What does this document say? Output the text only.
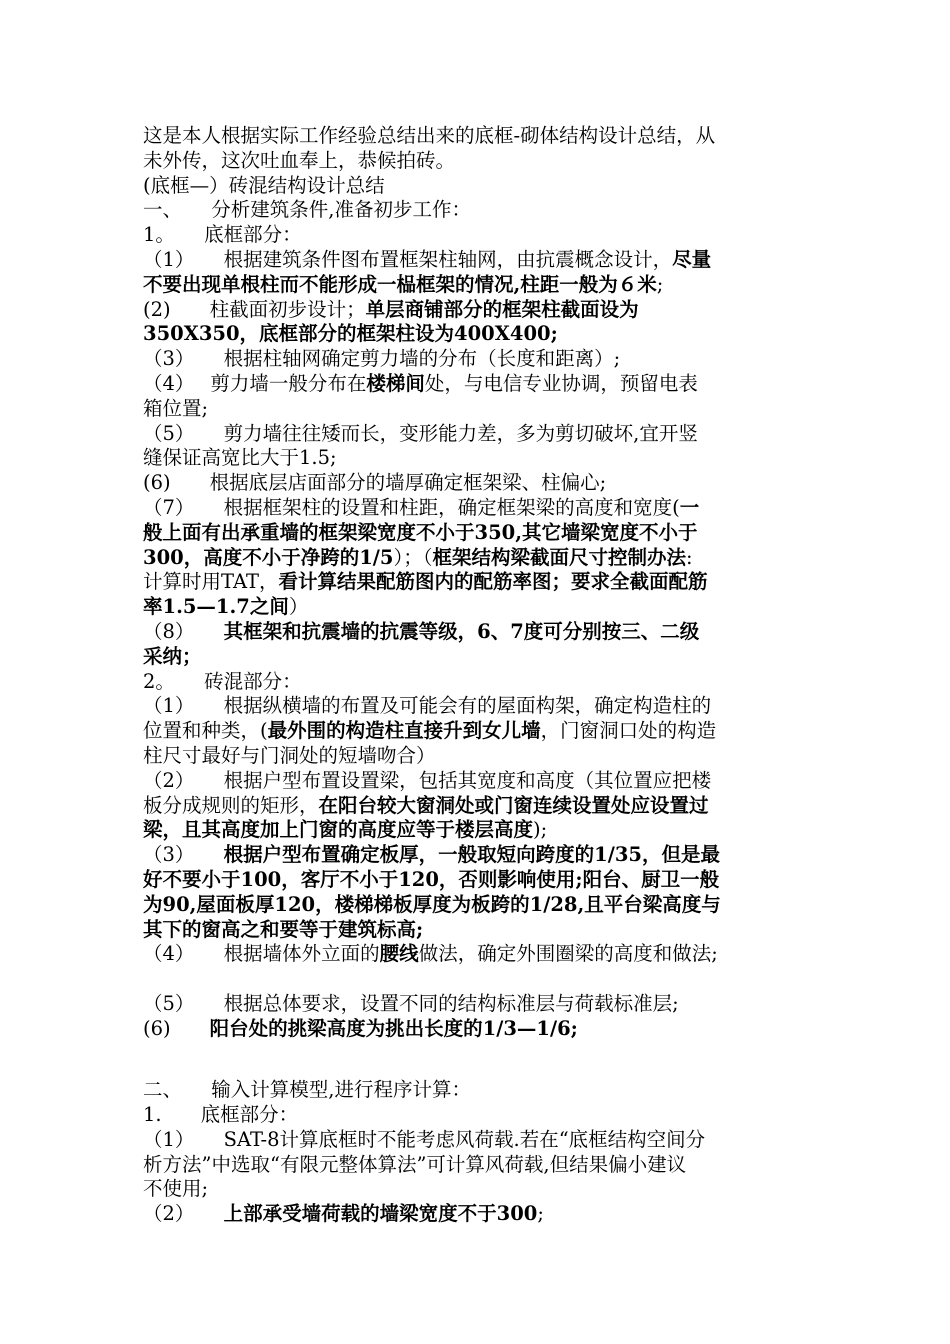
这是本人根据实际工作经验总结出来的底框-砌体结构设计总结，从
未外传，这次吐血奉上，恭候拍砖。
(底框—）砖混结构设计总结
一、　　分析建筑条件,准备初步工作：
1。　　底框部分：
（1）　　根据建筑条件图布置框架柱轴网，由抗震概念设计，尽量
不要出现单根柱而不能形成一榀框架的情况,柱距一般为６米;
(2)　　柱截面初步设计；单层商铺部分的框架柱截面设为
350X350，底框部分的框架柱设为400X400;
（3）　　根据柱轴网确定剪力墙的分布（长度和距离）;
（4）　 剪力墙一般分布在楼梯间处，与电信专业协调，预留电表
箱位置;
（5）　　剪力墙往往矮而长，变形能力差，多为剪切破坏,宜开竖
缝保证高宽比大于1.5;
(6)　　根据底层店面部分的墙厚确定框架梁、柱偏心;
（7）　　根据框架柱的设置和柱距，确定框架梁的高度和宽度(一
般上面有出承重墙的框架梁宽度不小于350,其它墙梁宽度不小于
300，高度不小于净跨的1/5）；（框架结构梁截面尺寸控制办法:
计算时用TAT，看计算结果配筋图内的配筋率图；要求全截面配筋
率1.5—1.7之间）
（8）　　其框架和抗震墙的抗震等级，6、7度可分别按三、二级
采纳；
2。　　砖混部分：
（1）　　根据纵横墙的布置及可能会有的屋面构架，确定构造柱的
位置和种类，(最外围的构造柱直接升到女儿墙，门窗洞口处的构造
柱尺寸最好与门洞处的短墙吻合）
（2）　　根据户型布置设置梁，包括其宽度和高度（其位置应把楼
板分成规则的矩形，在阳台较大窗洞处或门窗连续设置处应设置过
梁，且其高度加上门窗的高度应等于楼层高度);
（3）　　根据户型布置确定板厚，一般取短向跨度的1/35，但是最
好不要小于100，客厅不小于120，否则影响使用;阳台、厨卫一般
为90,屋面板厚120，楼梯梯板厚度为板跨的1/28,且平台梁高度与
其下的窗高之和要等于建筑标高;
（4）　　根据墙体外立面的腰线做法，确定外围圈梁的高度和做法;
（5）　　根据总体要求，设置不同的结构标准层与荷载标准层;
(6)　　阳台处的挑梁高度为挑出长度的1/3—1/6;
二、　　输入计算模型,进行程序计算：
1.　　底框部分：
（1）　　SAT-8计算底框时不能考虑风荷载.若在“底框结构空间分
析方法”中选取“有限元整体算法”可计算风荷载,但结果偏小建议
不使用;
（2）　　上部承受墙荷载的墙梁宽度不于300;
